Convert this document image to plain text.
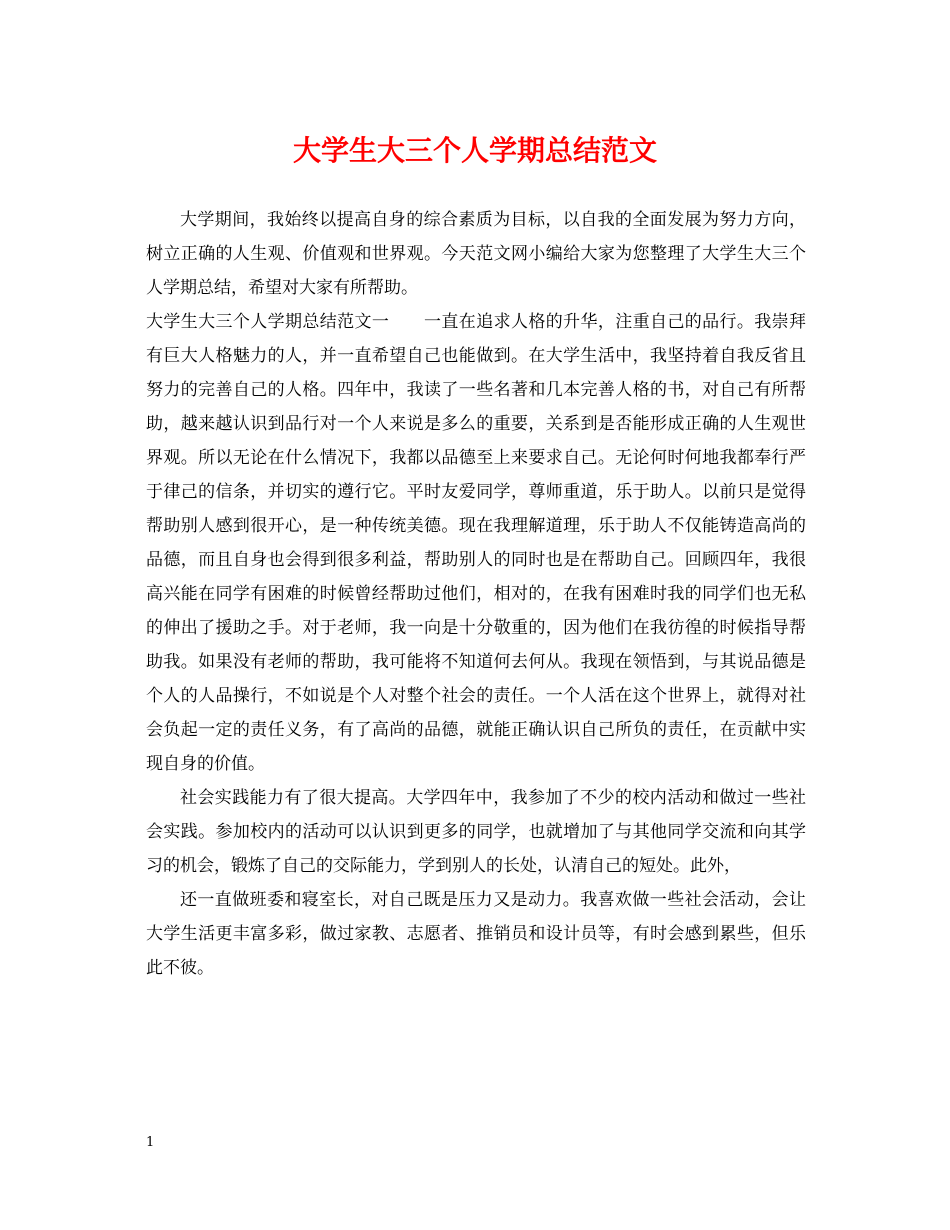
大学生大三个人学期总结范文

大学期间，我始终以提高自身的综合素质为目标，以自我的全面发展为努力方向，树立正确的人生观、价值观和世界观。今天范文网小编给大家为您整理了大学生大三个人学期总结，希望对大家有所帮助。

大学生大三个人学期总结范文一　　一直在追求人格的升华，注重自己的品行。我崇拜有巨大人格魅力的人，并一直希望自己也能做到。在大学生活中，我坚持着自我反省且努力的完善自己的人格。四年中，我读了一些名著和几本完善人格的书，对自己有所帮助，越来越认识到品行对一个人来说是多么的重要，关系到是否能形成正确的人生观世界观。所以无论在什么情况下，我都以品德至上来要求自己。无论何时何地我都奉行严于律己的信条，并切实的遵行它。平时友爱同学，尊师重道，乐于助人。以前只是觉得帮助别人感到很开心，是一种传统美德。现在我理解道理，乐于助人不仅能铸造高尚的品德，而且自身也会得到很多利益，帮助别人的同时也是在帮助自己。回顾四年，我很高兴能在同学有困难的时候曾经帮助过他们，相对的，在我有困难时我的同学们也无私的伸出了援助之手。对于老师，我一向是十分敬重的，因为他们在我彷徨的时候指导帮助我。如果没有老师的帮助，我可能将不知道何去何从。我现在领悟到，与其说品德是个人的人品操行，不如说是个人对整个社会的责任。一个人活在这个世界上，就得对社会负起一定的责任义务，有了高尚的品德，就能正确认识自己所负的责任，在贡献中实现自身的价值。

社会实践能力有了很大提高。大学四年中，我参加了不少的校内活动和做过一些社会实践。参加校内的活动可以认识到更多的同学，也就增加了与其他同学交流和向其学习的机会，锻炼了自己的交际能力，学到别人的长处，认清自己的短处。此外，

还一直做班委和寝室长，对自己既是压力又是动力。我喜欢做一些社会活动，会让大学生活更丰富多彩，做过家教、志愿者、推销员和设计员等，有时会感到累些，但乐此不彼。

1
